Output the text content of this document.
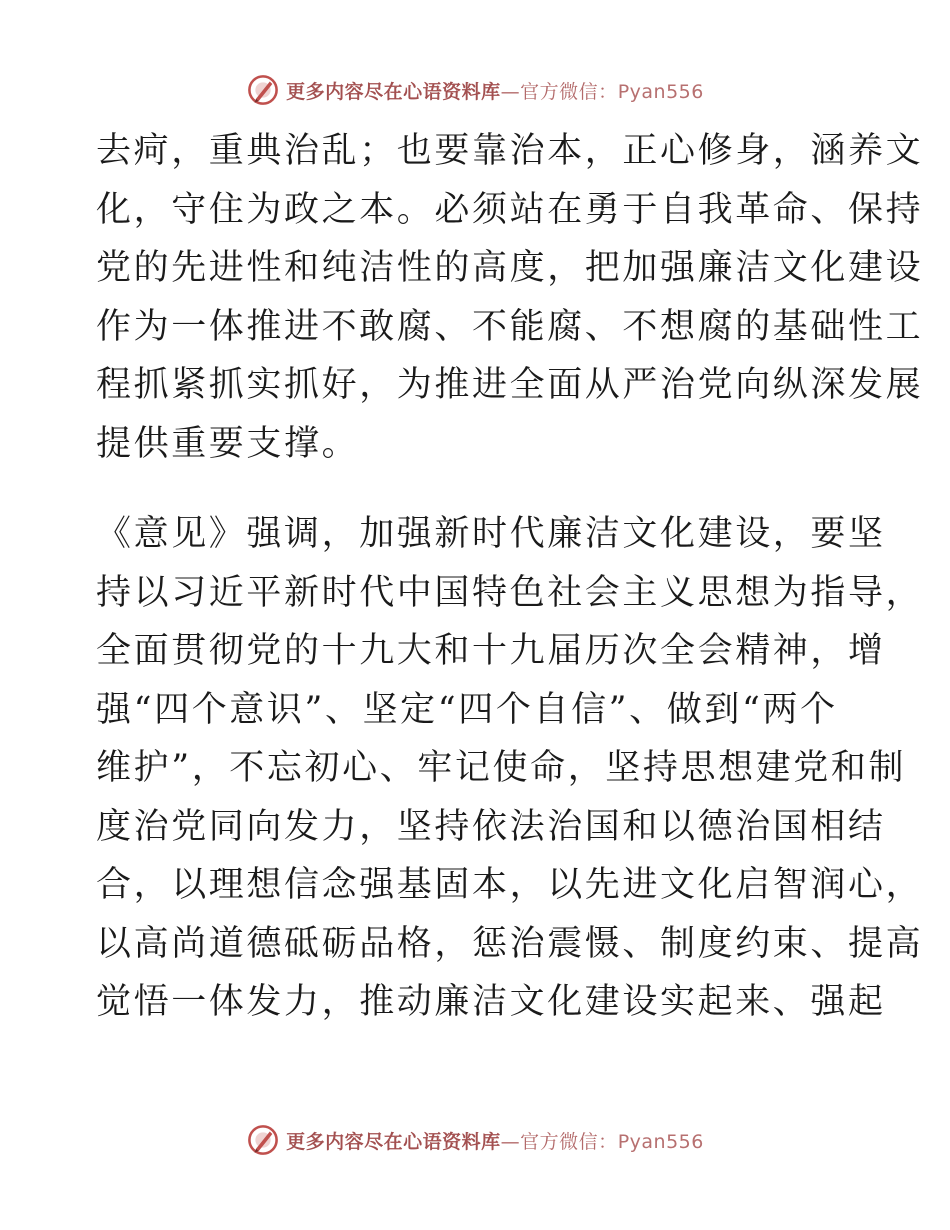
更多内容尽在心语资料库—官方微信：Pyan556

去疴，重典治乱；也要靠治本，正心修身，涵养文
化，守住为政之本。必须站在勇于自我革命、保持
党的先进性和纯洁性的高度，把加强廉洁文化建设
作为一体推进不敢腐、不能腐、不想腐的基础性工
程抓紧抓实抓好，为推进全面从严治党向纵深发展
提供重要支撑。

《意见》强调，加强新时代廉洁文化建设，要坚
持以习近平新时代中国特色社会主义思想为指导，
全面贯彻党的十九大和十九届历次全会精神，增
强“四个意识”、坚定“四个自信”、做到“两个
维护”，不忘初心、牢记使命，坚持思想建党和制
度治党同向发力，坚持依法治国和以德治国相结
合，以理想信念强基固本，以先进文化启智润心，
以高尚道德砥砺品格，惩治震慑、制度约束、提高
觉悟一体发力，推动廉洁文化建设实起来、强起

更多内容尽在心语资料库—官方微信：Pyan556
